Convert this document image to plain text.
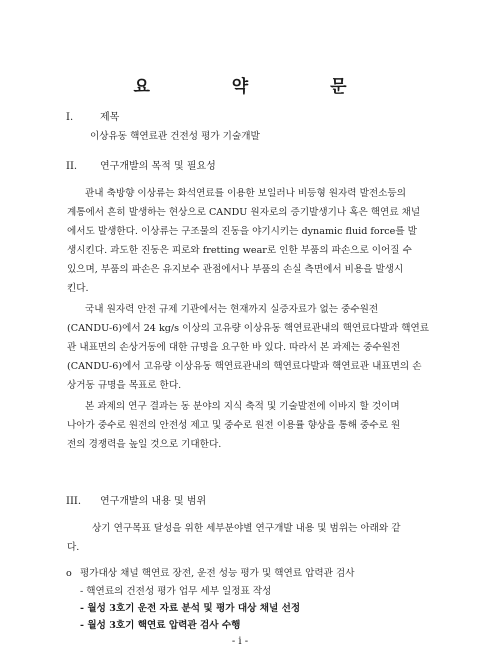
요 약 문
I.	제목
이상유동 핵연료관 건전성 평가 기술개발
II. 연구개발의 목적 및 필요성
관내 축방향 이상류는 화석연료를 이용한 보일러나 비등형 원자력 발전소등의
계통에서 흔히 발생하는 현상으로 CANDU 원자로의 증기발생기나 혹은 핵연료 채널
에서도 발생한다. 이상류는 구조물의 진동을 야기시키는 dynamic fluid force를 발
생시킨다. 과도한 진동은 피로와 fretting wear로 인한 부품의 파손으로 이어질 수
있으며, 부품의 파손은 유지보수 관점에서나 부품의 손실 측면에서 비용을 발생시
킨다.
국내 원자력 안전 규제 기관에서는 현재까지 실증자료가 없는 중수원전
(CANDU-6)에서 24 kg/s 이상의 고유량 이상유동 핵연료관내의 핵연료다발과 핵연료
관 내표면의 손상거동에 대한 규명을 요구한 바 있다. 따라서 본 과제는 중수원전
(CANDU-6)에서 고유량 이상유동 핵연료관내의 핵연료다발과 핵연료관 내표면의 손
상거동 규명을 목표로 한다.
본 과제의 연구 결과는 동 분야의 지식 축적 및 기술발전에 이바지 할 것이며
나아가 중수로 원전의 안전성 제고 및 중수로 원전 이용률 향상을 통해 중수로 원
전의 경쟁력을 높일 것으로 기대한다.
III. 연구개발의 내용 및 범위
상기 연구목표 달성을 위한 세부분야별 연구개발 내용 및 범위는 아래와 같
다.
o 평가대상 채널 핵연료 장전, 운전 성능 평가 및 핵연료 압력관 검사
- 핵연료의 건전성 평가 업무 세부 일정표 작성
- 월성 3호기 운전 자료 분석 및 평가 대상 채널 선정
- 월성 3호기 핵연료 압력관 검사 수행
- i -
